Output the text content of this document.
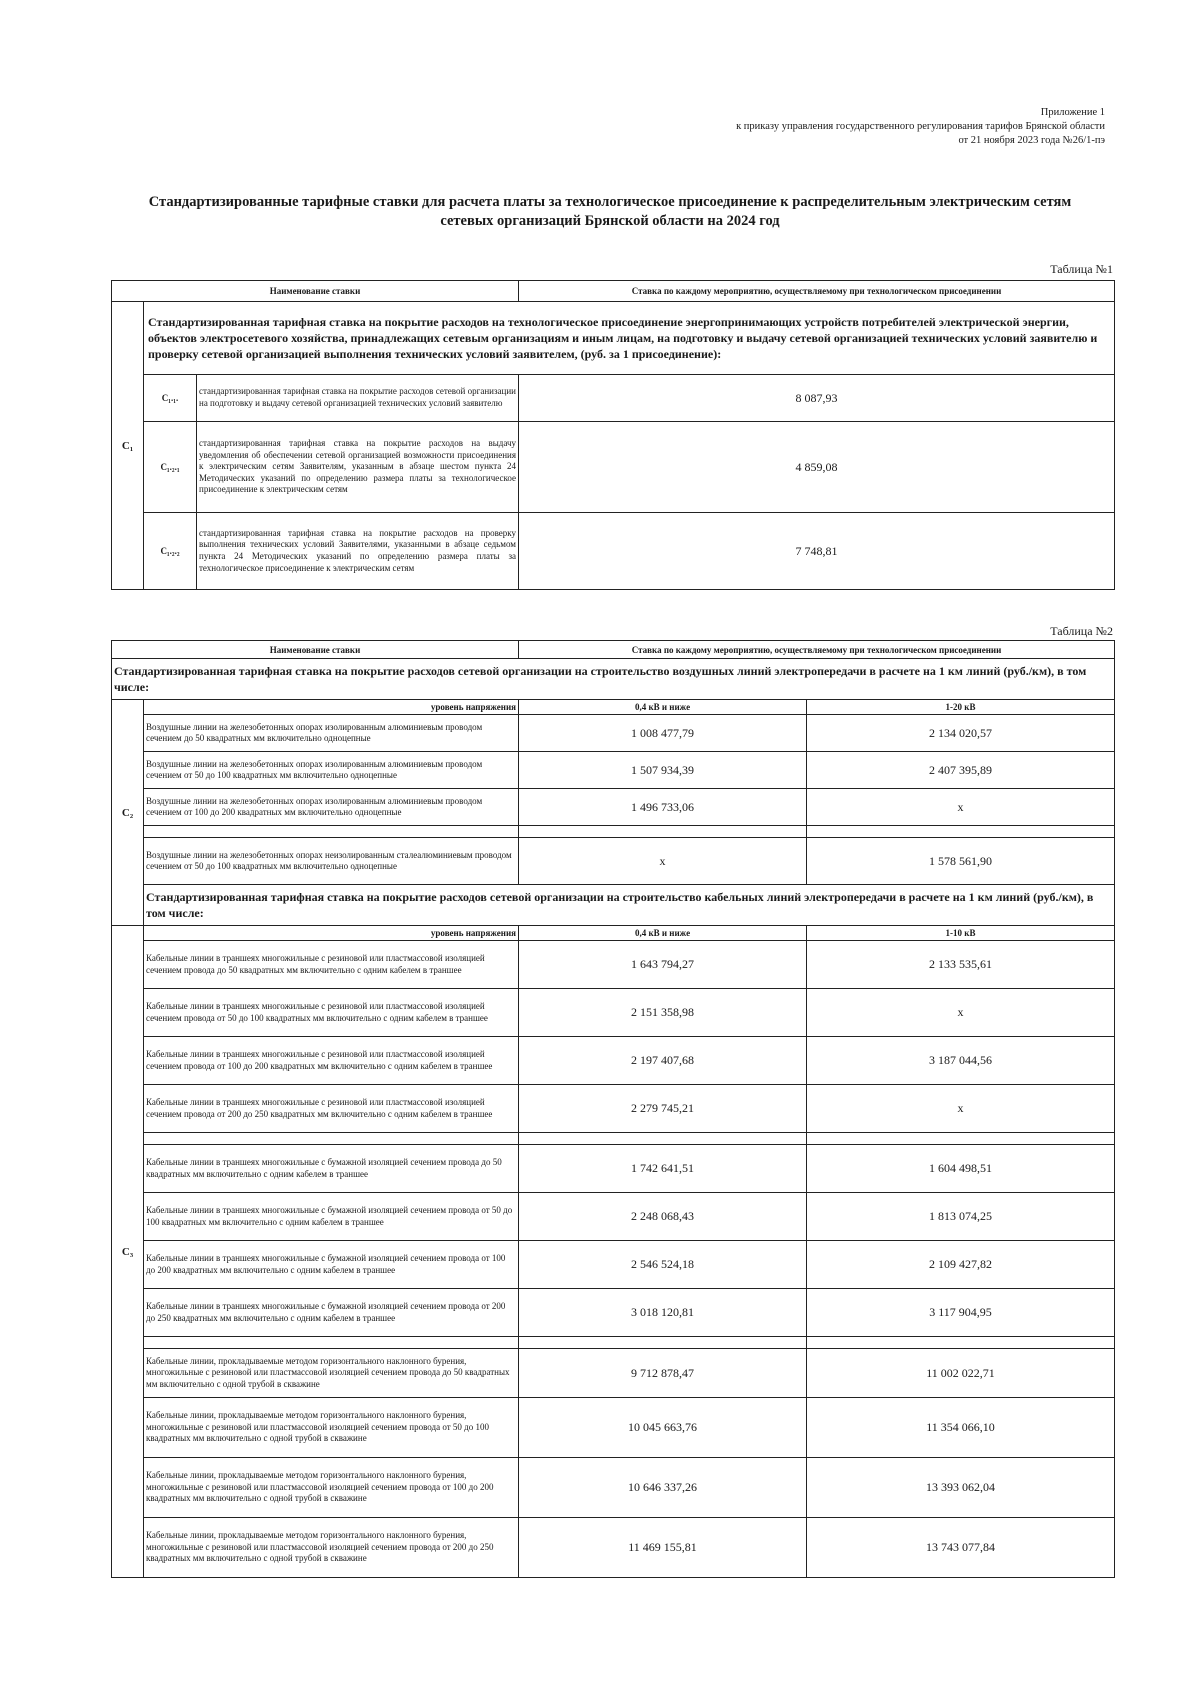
Приложение 1
к приказу управления государственного регулирования тарифов Брянской области
от 21 ноября 2023 года №26/1-пэ
Стандартизированные тарифные ставки для расчета платы за технологическое присоединение к распределительным электрическим сетям
сетевых организаций Брянской области на 2024 год
Таблица №1
Наименование ставки			Ставка по каждому мероприятию, осуществляемому при технологическом присоединении
С₁	Стандартизированная тарифная ставка на покрытие расходов на технологическое присоединение энергопринимающих устройств потребителей электрической энергии, объектов электросетевого хозяйства, принадлежащих сетевым организациям и иным лицам, на подготовку и выдачу сетевой организацией технических условий заявителю и проверку сетевой организацией выполнения технических условий заявителем, (руб. за 1 присоединение):		
	С₁.₁.	стандартизированная тарифная ставка на покрытие расходов сетевой организации на подготовку и выдачу сетевой организацией технических условий заявителю	8 087,93
	С₁.₂.₁	стандартизированная тарифная ставка на покрытие расходов на выдачу уведомления об обеспечении сетевой организацией возможности присоединения к электрическим сетям Заявителям, указанным в абзаце шестом пункта 24 Методических указаний по определению размера платы за технологическое присоединение к электрическим сетям	4 859,08
	С₁.₂.₂	стандартизированная тарифная ставка на покрытие расходов на проверку выполнения технических условий Заявителями, указанными в абзаце седьмом пункта 24 Методических указаний по определению размера платы за технологическое присоединение к электрическим сетям	7 748,81
Таблица №2
Наименование ставки		Ставка по каждому мероприятию, осуществляемому при технологическом присоединении	
Стандартизированная тарифная ставка на покрытие расходов сетевой организации на строительство воздушных линий электропередачи в расчете на 1 км линий (руб./км), в том числе:			
С₂	уровень напряжения	0,4 кВ и ниже	1-20 кВ
	Воздушные линии на железобетонных опорах изолированным алюминиевым проводом сечением до 50 квадратных мм включительно одноцепные	1 008 477,79	2 134 020,57
	Воздушные линии на железобетонных опорах изолированным алюминиевым проводом сечением от 50 до 100 квадратных мм включительно одноцепные	1 507 934,39	2 407 395,89
	Воздушные линии на железобетонных опорах изолированным алюминиевым проводом сечением от 100 до 200 квадратных мм включительно одноцепные	1 496 733,06	х

	Воздушные линии на железобетонных опорах неизолированным сталеалюминиевым проводом сечением от 50 до 100 квадратных мм включительно одноцепные	х	1 578 561,90
	Стандартизированная тарифная ставка на покрытие расходов сетевой организации на строительство кабельных линий электропередачи в расчете на 1 км линий (руб./км), в том числе:		
С₃	уровень напряжения	0,4 кВ и ниже	1-10 кВ
	Кабельные линии в траншеях многожильные с резиновой или пластмассовой изоляцией сечением провода до 50 квадратных мм включительно с одним кабелем в траншее	1 643 794,27	2 133 535,61
	Кабельные линии в траншеях многожильные с резиновой или пластмассовой изоляцией сечением провода от 50 до 100 квадратных мм включительно с одним кабелем в траншее	2 151 358,98	х
	Кабельные линии в траншеях многожильные с резиновой или пластмассовой изоляцией сечением провода от 100 до 200 квадратных мм включительно с одним кабелем в траншее	2 197 407,68	3 187 044,56
	Кабельные линии в траншеях многожильные с резиновой или пластмассовой изоляцией сечением провода от 200 до 250 квадратных мм включительно с одним кабелем в траншее	2 279 745,21	х

	Кабельные линии в траншеях многожильные с бумажной изоляцией сечением провода до 50 квадратных мм включительно с одним кабелем в траншее	1 742 641,51	1 604 498,51
	Кабельные линии в траншеях многожильные с бумажной изоляцией сечением провода от 50 до 100 квадратных мм включительно с одним кабелем в траншее	2 248 068,43	1 813 074,25
	Кабельные линии в траншеях многожильные с бумажной изоляцией сечением провода от 100 до 200 квадратных мм включительно с одним кабелем в траншее	2 546 524,18	2 109 427,82
	Кабельные линии в траншеях многожильные с бумажной изоляцией сечением провода от 200 до 250 квадратных мм включительно с одним кабелем в траншее	3 018 120,81	3 117 904,95

	Кабельные линии, прокладываемые методом горизонтального наклонного бурения, многожильные с резиновой или пластмассовой изоляцией сечением провода до 50 квадратных мм включительно с одной трубой в скважине	9 712 878,47	11 002 022,71
	Кабельные линии, прокладываемые методом горизонтального наклонного бурения, многожильные с резиновой или пластмассовой изоляцией сечением провода от 50 до 100 квадратных мм включительно с одной трубой в скважине	10 045 663,76	11 354 066,10
	Кабельные линии, прокладываемые методом горизонтального наклонного бурения, многожильные с резиновой или пластмассовой изоляцией сечением провода от 100 до 200 квадратных мм включительно с одной трубой в скважине	10 646 337,26	13 393 062,04
	Кабельные линии, прокладываемые методом горизонтального наклонного бурения, многожильные с резиновой или пластмассовой изоляцией сечением провода от 200 до 250 квадратных мм включительно с одной трубой в скважине	11 469 155,81	13 743 077,84
